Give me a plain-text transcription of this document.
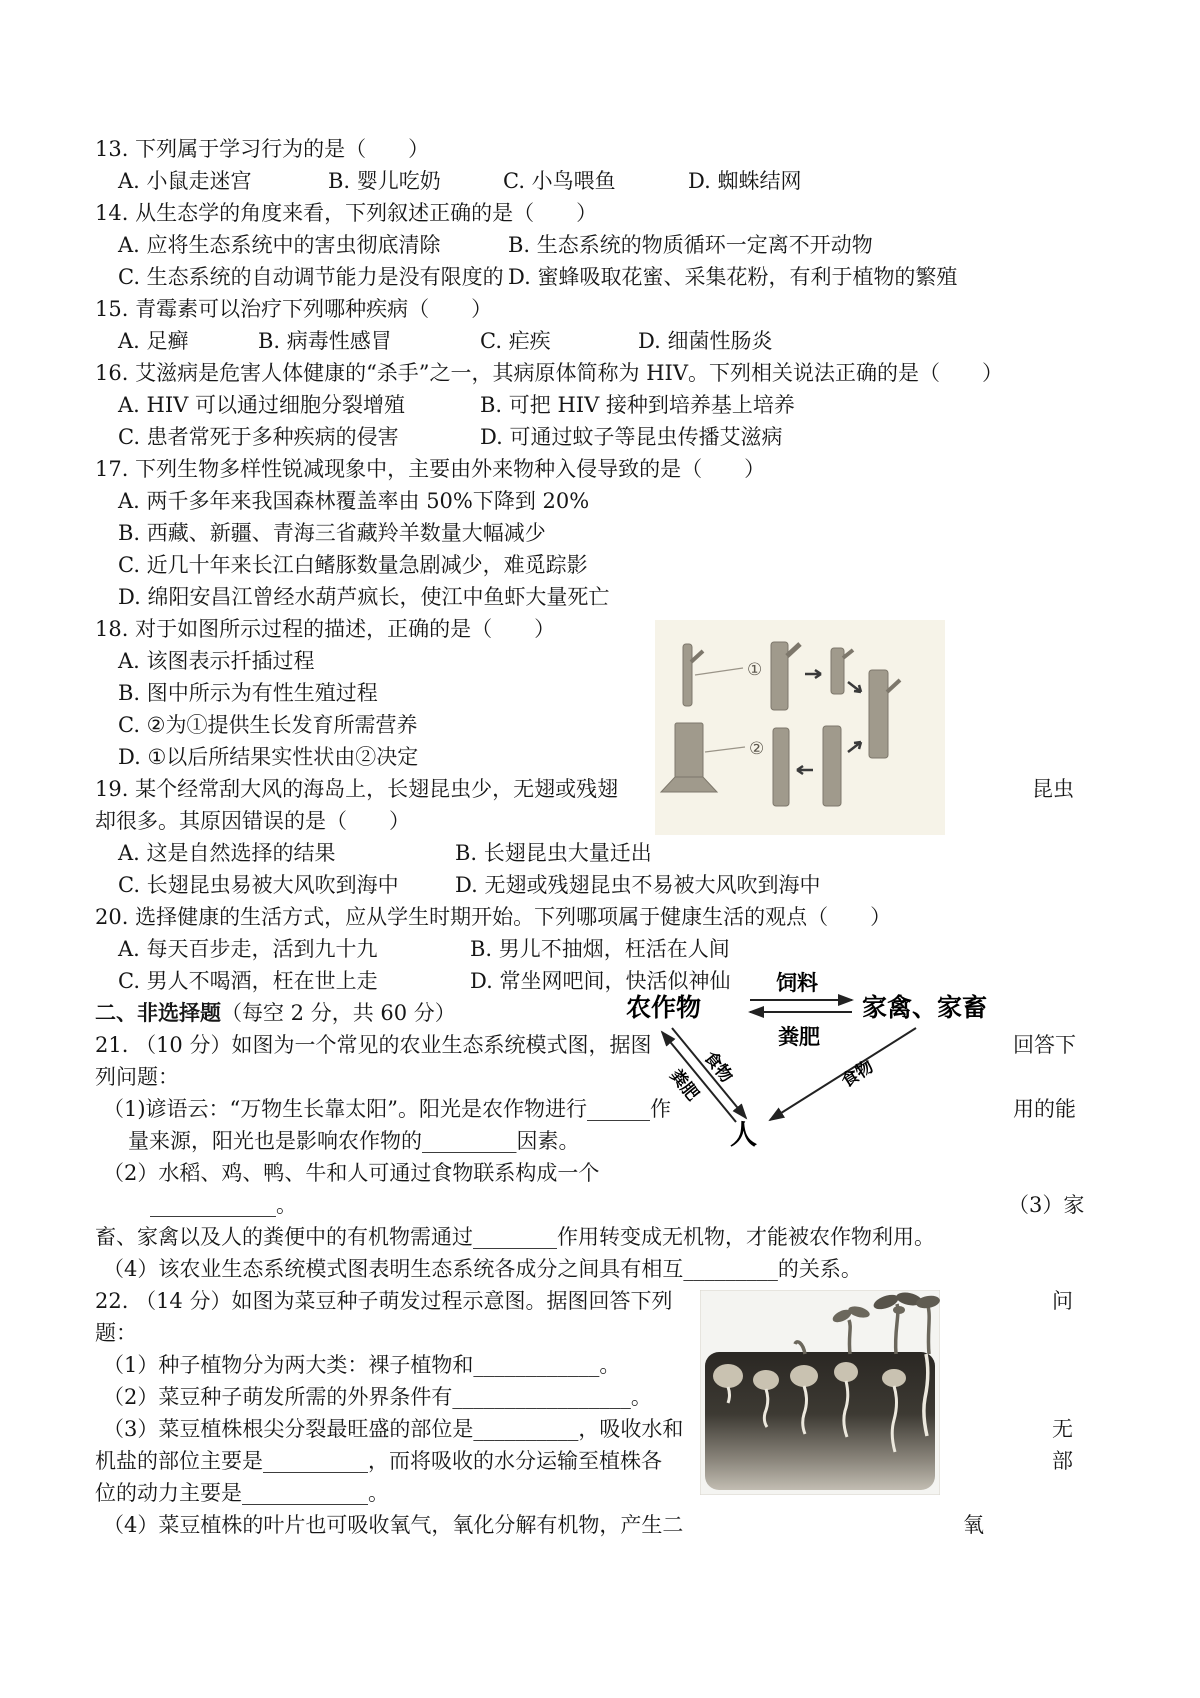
13. 下列属于学习行为的是（　　）
A. 小鼠走迷宫	B. 婴儿吃奶	C. 小鸟喂鱼	D. 蜘蛛结网
14. 从生态学的角度来看，下列叙述正确的是（　　）
A. 应将生态系统中的害虫彻底清除	B. 生态系统的物质循环一定离不开动物
C. 生态系统的自动调节能力是没有限度的 D. 蜜蜂吸取花蜜、采集花粉，有利于植物的繁殖
15. 青霉素可以治疗下列哪种疾病（　　）
A. 足癣	B. 病毒性感冒	C. 疟疾	D. 细菌性肠炎
16. 艾滋病是危害人体健康的“杀手”之一，其病原体简称为 HIV。下列相关说法正确的是（　　）
A. HIV 可以通过细胞分裂增殖	B. 可把 HIV 接种到培养基上培养
C. 患者常死于多种疾病的侵害	D. 可通过蚊子等昆虫传播艾滋病
17. 下列生物多样性锐减现象中，主要由外来物种入侵导致的是（　　）
A. 两千多年来我国森林覆盖率由 50%下降到 20%
B. 西藏、新疆、青海三省藏羚羊数量大幅减少
C. 近几十年来长江白鳍豚数量急剧减少，难觅踪影
D. 绵阳安昌江曾经水葫芦疯长，使江中鱼虾大量死亡
18. 对于如图所示过程的描述，正确的是（　　）
A. 该图表示扦插过程
B. 图中所示为有性生殖过程
C. ②为①提供生长发育所需营养
D. ①以后所结果实性状由②决定
19. 某个经常刮大风的海岛上，长翅昆虫少，无翅或残翅
却很多。其原因错误的是（　　）
A. 这是自然选择的结果	B. 长翅昆虫大量迁出
C. 长翅昆虫易被大风吹到海中	D. 无翅或残翅昆虫不易被大风吹到海中
20. 选择健康的生活方式，应从学生时期开始。下列哪项属于健康生活的观点（　　）
A. 每天百步走，活到九十九	B. 男儿不抽烟，枉活在人间
C. 男人不喝酒，枉在世上走	D. 常坐网吧间，快活似神仙
二、非选择题（每空 2 分，共 60 分）
21. （10 分）如图为一个常见的农业生态系统模式图，据图
列问题：
（1)谚语云：“万物生长靠太阳”。阳光是农作物进行______作
量来源，阳光也是影响农作物的_________因素。
（2）水稻、鸡、鸭、牛和人可通过食物联系构成一个
____________。
畜、家禽以及人的粪便中的有机物需通过________作用转变成无机物，才能被农作物利用。
（4）该农业生态系统模式图表明生态系统各成分之间具有相互_________的关系。
22. （14 分）如图为菜豆种子萌发过程示意图。据图回答下列
题：
（1）种子植物分为两大类：裸子植物和____________。
（2）菜豆种子萌发所需的外界条件有_________________。
（3）菜豆植株根尖分裂最旺盛的部位是__________，吸收水和
机盐的部位主要是__________，而将吸收的水分运输至植株各
位的动力主要是____________。
（4）菜豆植株的叶片也可吸收氧气，氧化分解有机物，产生二
昆虫
回答下
用的能
（3）家
问
无
部
氧
①
②
农作物	家禽、家畜
饲料
粪肥
人
食物
粪肥	食物
